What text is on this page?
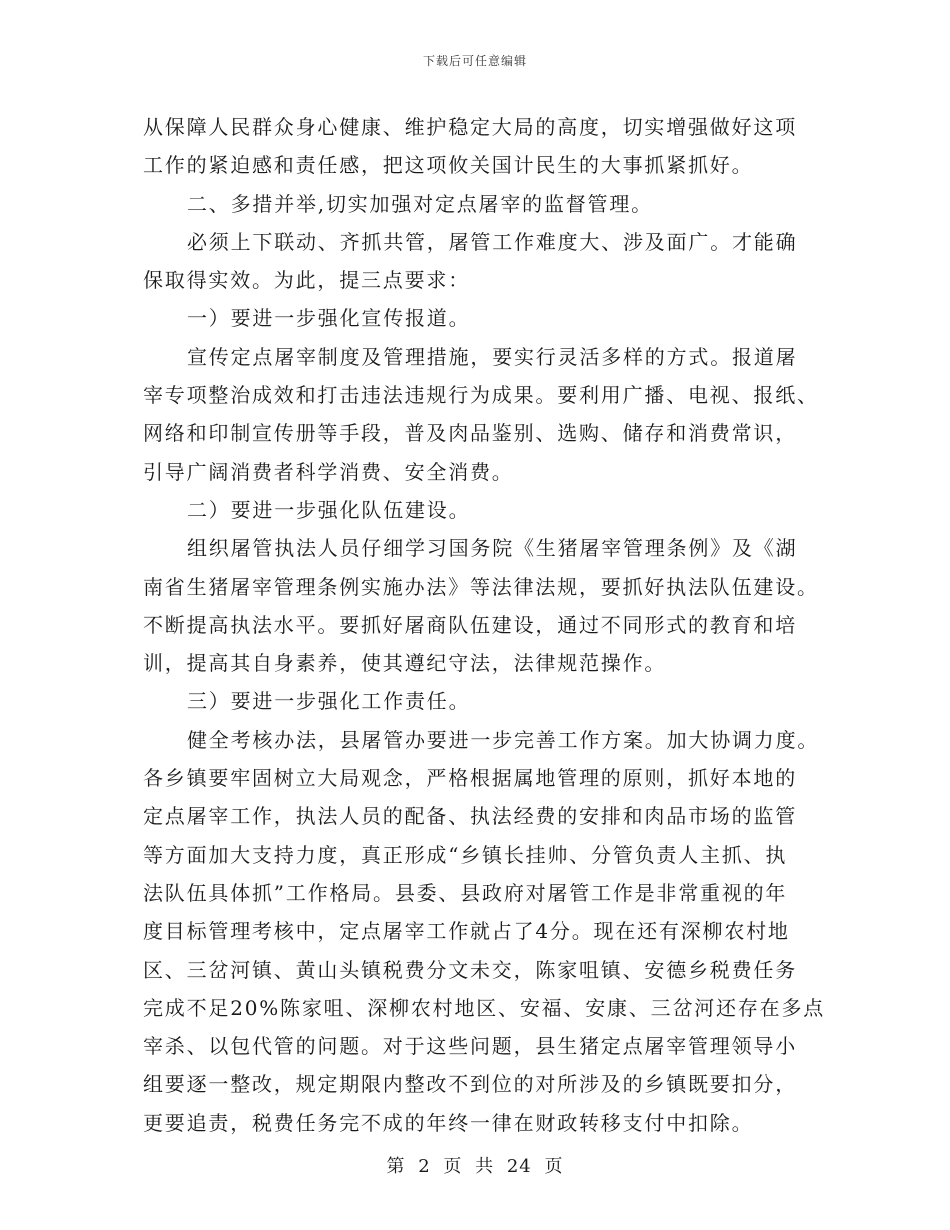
下载后可任意编辑
从保障人民群众身心健康、维护稳定大局的高度，切实增强做好这项
工作的紧迫感和责任感，把这项攸关国计民生的大事抓紧抓好。
二、多措并举,切实加强对定点屠宰的监督管理。
必须上下联动、齐抓共管，屠管工作难度大、涉及面广。才能确
保取得实效。为此，提三点要求：
一）要进一步强化宣传报道。
宣传定点屠宰制度及管理措施，要实行灵活多样的方式。报道屠
宰专项整治成效和打击违法违规行为成果。要利用广播、电视、报纸、
网络和印制宣传册等手段，普及肉品鉴别、选购、储存和消费常识，
引导广阔消费者科学消费、安全消费。
二）要进一步强化队伍建设。
组织屠管执法人员仔细学习国务院《生猪屠宰管理条例》及《湖
南省生猪屠宰管理条例实施办法》等法律法规，要抓好执法队伍建设。
不断提高执法水平。要抓好屠商队伍建设，通过不同形式的教育和培
训，提高其自身素养，使其遵纪守法，法律规范操作。
三）要进一步强化工作责任。
健全考核办法，县屠管办要进一步完善工作方案。加大协调力度。
各乡镇要牢固树立大局观念，严格根据属地管理的原则，抓好本地的
定点屠宰工作，执法人员的配备、执法经费的安排和肉品市场的监管
等方面加大支持力度，真正形成“乡镇长挂帅、分管负责人主抓、执
法队伍具体抓”工作格局。县委、县政府对屠管工作是非常重视的年
度目标管理考核中，定点屠宰工作就占了4分。现在还有深柳农村地
区、三岔河镇、黄山头镇税费分文未交，陈家咀镇、安德乡税费任务
完成不足20%陈家咀、深柳农村地区、安福、安康、三岔河还存在多点
宰杀、以包代管的问题。对于这些问题，县生猪定点屠宰管理领导小
组要逐一整改，规定期限内整改不到位的对所涉及的乡镇既要扣分，
更要追责，税费任务完不成的年终一律在财政转移支付中扣除。
第 2 页 共 24 页
